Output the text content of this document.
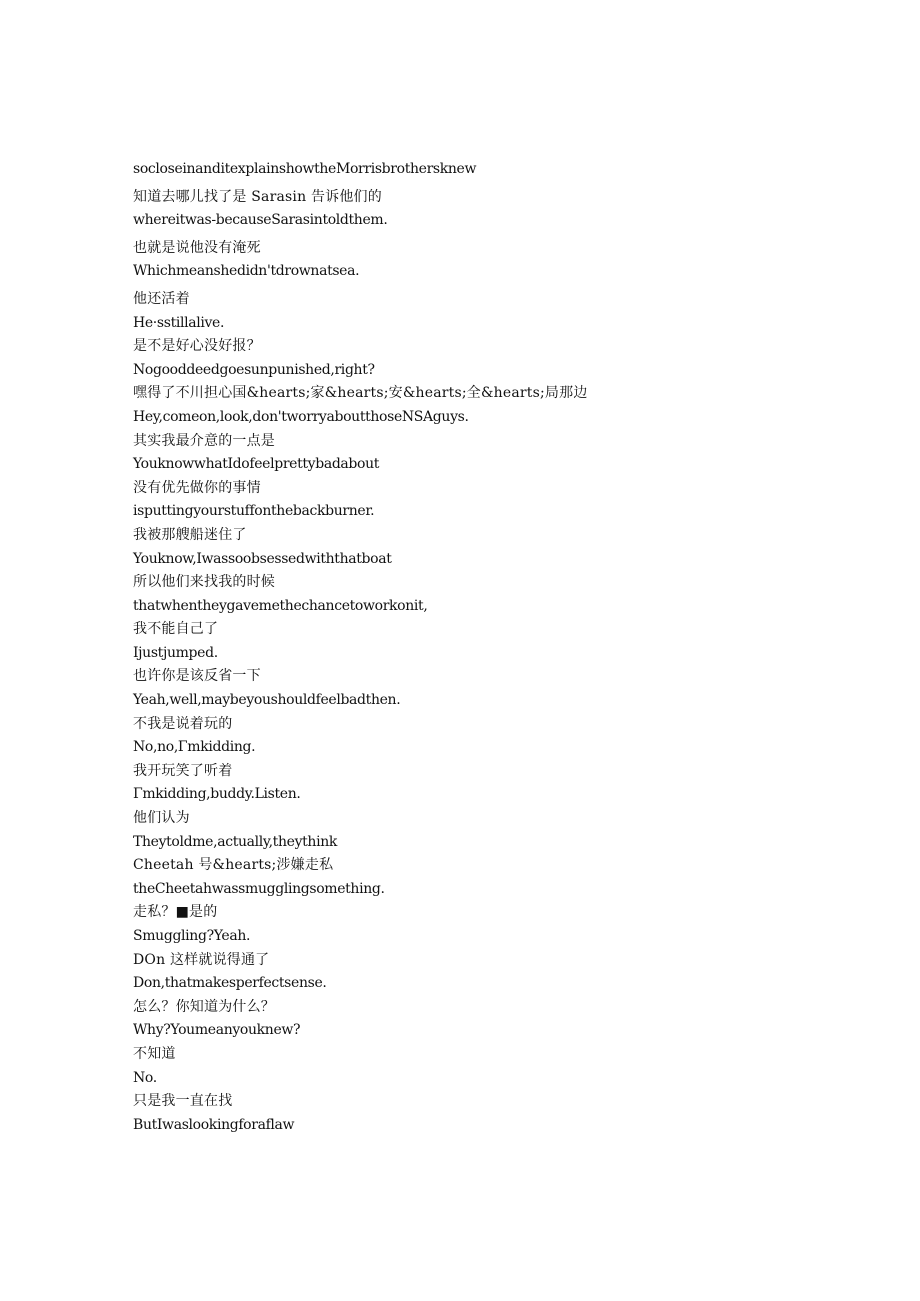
socloseinanditexplainshowtheMorrisbrothersknew
知道去哪儿找了是 Sarasin 告诉他们的
whereitwas-becauseSarasintoldthem.
也就是说他没有淹死
Whichmeanshedidn'tdrownatsea.
他还活着
He·sstillalive.
是不是好心没好报？
Nogooddeedgoesunpunished,right?
嘿得了不川担心国&hearts;家&hearts;安&hearts;全&hearts;局那边
Hey,comeon,look,don'tworryaboutthoseNSAguys.
其实我最介意的一点是
YouknowwhatIdofeelprettybadabout
没有优先做你的事情
isputtingyourstuffonthebackburner.
我被那艘船迷住了
Youknow,Iwassoobsessedwiththatboat
所以他们来找我的时候
thatwhentheygavemethechancetoworkonit,
我不能自己了
Ijustjumped.
也许你是该反省一下
Yeah,well,maybeyoushouldfeelbadthen.
不我是说着玩的
No,no,Γmkidding.
我开玩笑了听着
Γmkidding,buddy.Listen.
他们认为
Theytoldme,actually,theythink
Cheetah 号&hearts;涉嫌走私
theCheetahwassmugglingsomething.
走私？■是的
Smuggling?Yeah.
DOn 这样就说得通了
Don,thatmakesperfectsense.
怎么？你知道为什么？
Why?Youmeanyouknew?
不知道
No.
只是我一直在找
ButIwaslookingforaflaw
